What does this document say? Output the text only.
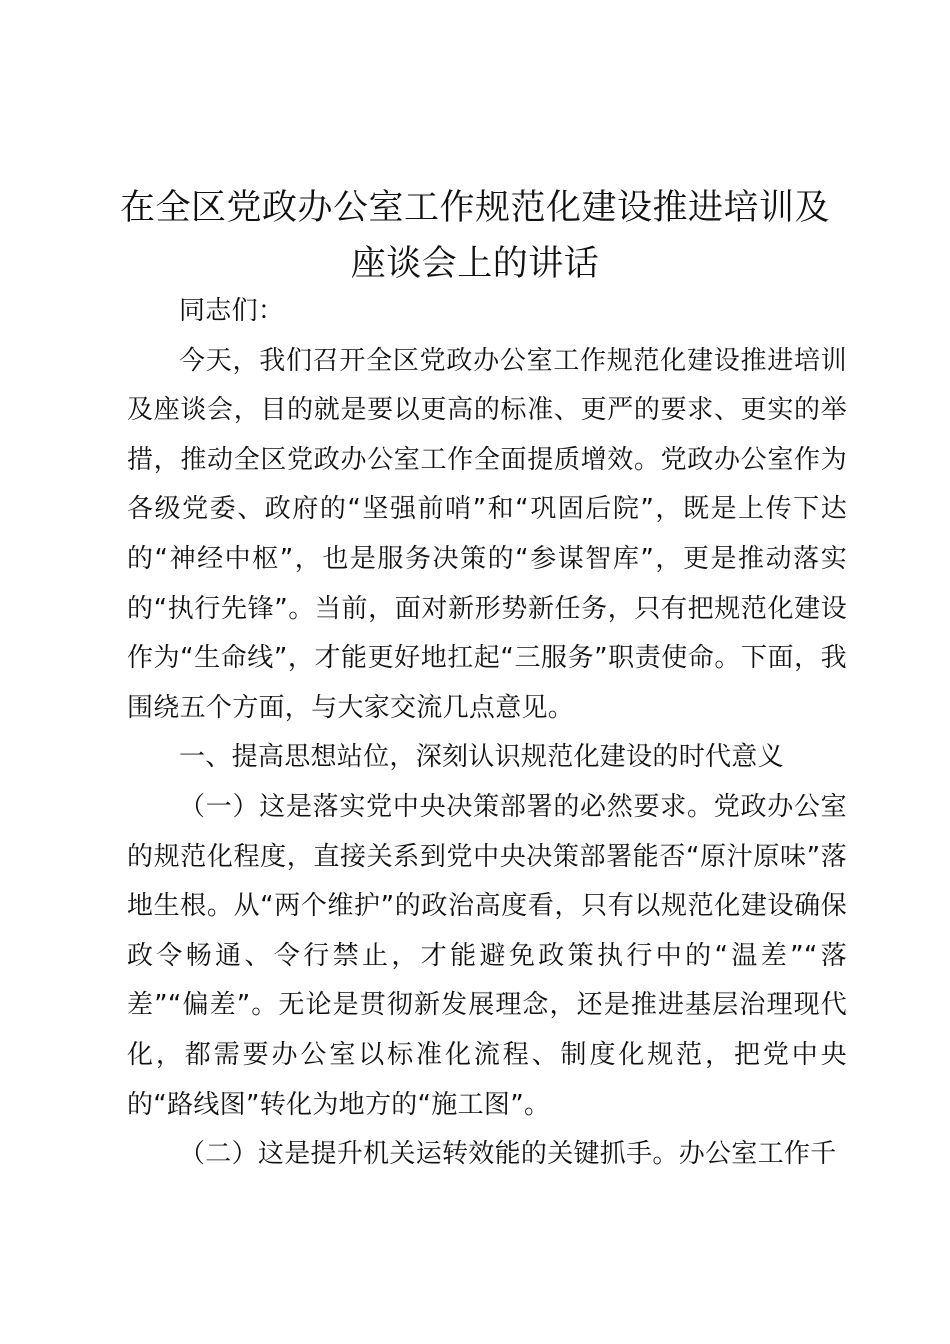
在全区党政办公室工作规范化建设推进培训及
座谈会上的讲话

同志们：

今天，我们召开全区党政办公室工作规范化建设推进培训及座谈会，目的就是要以更高的标准、更严的要求、更实的举措，推动全区党政办公室工作全面提质增效。党政办公室作为各级党委、政府的“坚强前哨”和“巩固后院”，既是上传下达的“神经中枢”，也是服务决策的“参谋智库”，更是推动落实的“执行先锋”。当前，面对新形势新任务，只有把规范化建设作为“生命线”，才能更好地扛起“三服务”职责使命。下面，我围绕五个方面，与大家交流几点意见。

一、提高思想站位，深刻认识规范化建设的时代意义

（一）这是落实党中央决策部署的必然要求。党政办公室的规范化程度，直接关系到党中央决策部署能否“原汁原味”落地生根。从“两个维护”的政治高度看，只有以规范化建设确保政令畅通、令行禁止，才能避免政策执行中的“温差”“落差”“偏差”。无论是贯彻新发展理念，还是推进基层治理现代化，都需要办公室以标准化流程、制度化规范，把党中央的“路线图”转化为地方的“施工图”。

（二）这是提升机关运转效能的关键抓手。办公室工作千
